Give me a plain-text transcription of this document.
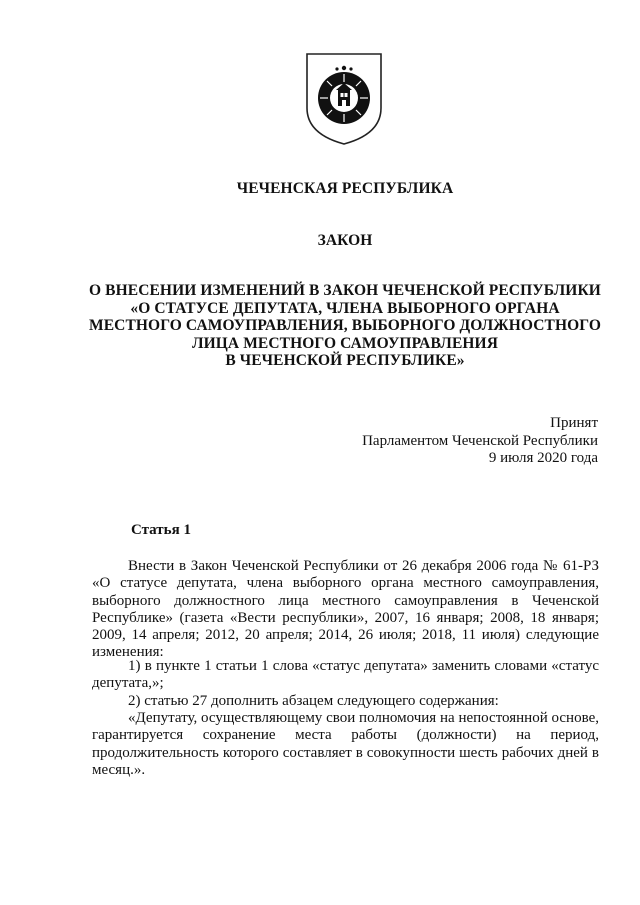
ЧЕЧЕНСКАЯ РЕСПУБЛИКА
ЗАКОН
О ВНЕСЕНИИ ИЗМЕНЕНИЙ В ЗАКОН ЧЕЧЕНСКОЙ РЕСПУБЛИКИ
«О СТАТУСЕ ДЕПУТАТА, ЧЛЕНА ВЫБОРНОГО ОРГАНА
МЕСТНОГО САМОУПРАВЛЕНИЯ, ВЫБОРНОГО ДОЛЖНОСТНОГО
ЛИЦА МЕСТНОГО САМОУПРАВЛЕНИЯ
В ЧЕЧЕНСКОЙ РЕСПУБЛИКЕ»
Принят
Парламентом Чеченской Республики
9 июля 2020 года
Статья 1

Внести в Закон Чеченской Республики от 26 декабря 2006 года № 61-РЗ «О статусе депутата, члена выборного органа местного самоуправления, выборного должностного лица местного самоуправления в Чеченской Республике» (газета «Вести республики», 2007, 16 января; 2008, 18 января; 2009, 14 апреля; 2012, 20 апреля; 2014, 26 июля; 2018, 11 июля) следующие изменения:

1) в пункте 1 статьи 1 слова «статус депутата» заменить словами «статус депутата,»;

2) статью 27 дополнить абзацем следующего содержания:

«Депутату, осуществляющему свои полномочия на непостоянной основе, гарантируется сохранение места работы (должности) на период, продолжительность которого составляет в совокупности шесть рабочих дней в месяц.».
